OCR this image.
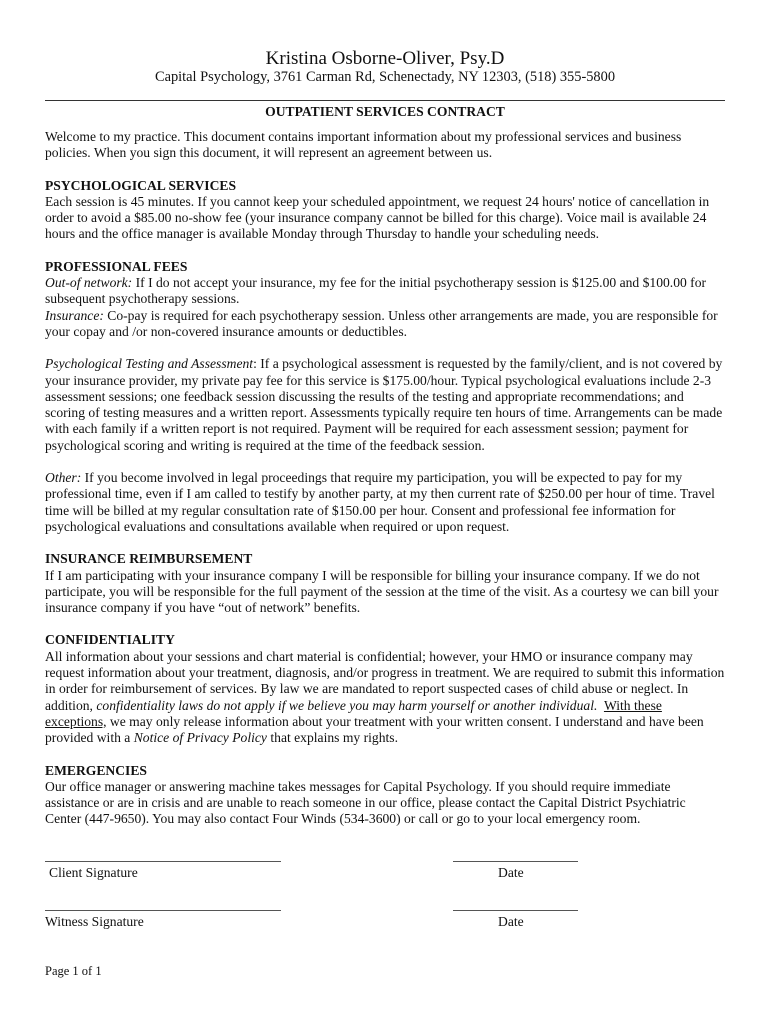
Kristina Osborne-Oliver, Psy.D
Capital Psychology, 3761 Carman Rd, Schenectady, NY 12303, (518) 355-5800
OUTPATIENT SERVICES CONTRACT

Welcome to my practice. This document contains important information about my professional services and business policies. When you sign this document, it will represent an agreement between us.

PSYCHOLOGICAL SERVICES

Each session is 45 minutes. If you cannot keep your scheduled appointment, we request 24 hours' notice of cancellation in order to avoid a $85.00 no-show fee (your insurance company cannot be billed for this charge). Voice mail is available 24 hours and the office manager is available Monday through Thursday to handle your scheduling needs.

PROFESSIONAL FEES

Out-of network: If I do not accept your insurance, my fee for the initial psychotherapy session is $125.00 and $100.00 for subsequent psychotherapy sessions.

Insurance: Co-pay is required for each psychotherapy session. Unless other arrangements are made, you are responsible for your copay and /or non-covered insurance amounts or deductibles.

Psychological Testing and Assessment: If a psychological assessment is requested by the family/client, and is not covered by your insurance provider, my private pay fee for this service is $175.00/hour. Typical psychological evaluations include 2-3 assessment sessions; one feedback session discussing the results of the testing and appropriate recommendations; and scoring of testing measures and a written report. Assessments typically require ten hours of time. Arrangements can be made with each family if a written report is not required. Payment will be required for each assessment session; payment for psychological scoring and writing is required at the time of the feedback session.

Other: If you become involved in legal proceedings that require my participation, you will be expected to pay for my professional time, even if I am called to testify by another party, at my then current rate of $250.00 per hour of time. Travel time will be billed at my regular consultation rate of $150.00 per hour. Consent and professional fee information for psychological evaluations and consultations available when required or upon request.

INSURANCE REIMBURSEMENT

If I am participating with your insurance company I will be responsible for billing your insurance company. If we do not participate, you will be responsible for the full payment of the session at the time of the visit. As a courtesy we can bill your insurance company if you have “out of network” benefits.

CONFIDENTIALITY

All information about your sessions and chart material is confidential; however, your HMO or insurance company may request information about your treatment, diagnosis, and/or progress in treatment. We are required to submit this information in order for reimbursement of services. By law we are mandated to report suspected cases of child abuse or neglect. In addition, confidentiality laws do not apply if we believe you may harm yourself or another individual. With these exceptions, we may only release information about your treatment with your written consent. I understand and have been provided with a Notice of Privacy Policy that explains my rights.

EMERGENCIES

Our office manager or answering machine takes messages for Capital Psychology. If you should require immediate assistance or are in crisis and are unable to reach someone in our office, please contact the Capital District Psychiatric Center (447-9650). You may also contact Four Winds (534-3600) or call or go to your local emergency room.

Client Signature	Date
Witness Signature	Date
Page 1 of 1
